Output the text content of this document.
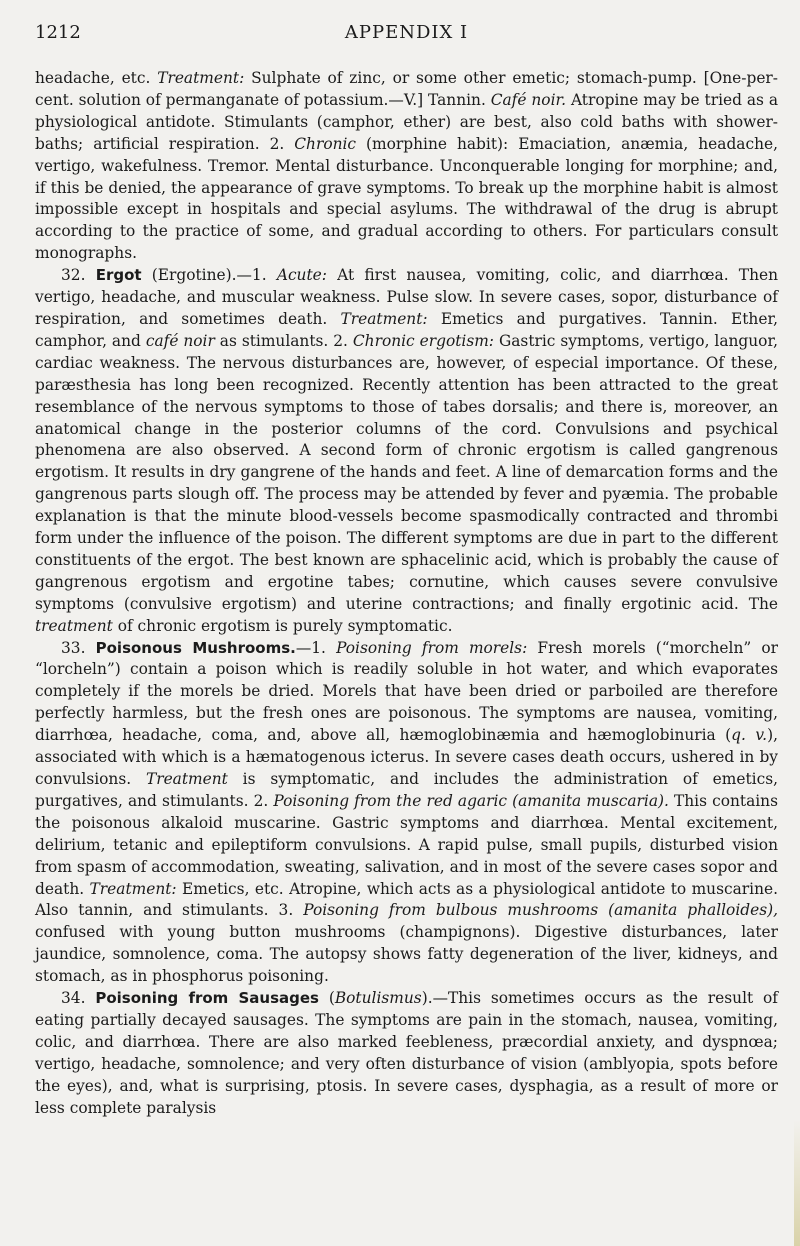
1212	APPENDIX I

headache, etc. Treatment: Sulphate of zinc, or some other emetic; stomach-pump. [One-per-cent. solution of permanganate of potassium.—V.] Tannin. Café noir. Atropine may be tried as a physiological antidote. Stimulants (camphor, ether) are best, also cold baths with shower-baths; artificial respiration. 2. Chronic (morphine habit): Emaciation, anæmia, headache, vertigo, wakefulness. Tremor. Mental disturbance. Unconquerable longing for morphine; and, if this be denied, the appearance of grave symptoms. To break up the morphine habit is almost impossible except in hospitals and special asylums. The withdrawal of the drug is abrupt according to the practice of some, and gradual according to others. For particulars consult monographs.

32. Ergot (Ergotine).—1. Acute: At first nausea, vomiting, colic, and diarrhœa. Then vertigo, headache, and muscular weakness. Pulse slow. In severe cases, sopor, disturbance of respiration, and sometimes death. Treatment: Emetics and purgatives. Tannin. Ether, camphor, and café noir as stimulants. 2. Chronic ergotism: Gastric symptoms, vertigo, languor, cardiac weakness. The nervous disturbances are, however, of especial importance. Of these, paræsthesia has long been recognized. Recently attention has been attracted to the great resemblance of the nervous symptoms to those of tabes dorsalis; and there is, moreover, an anatomical change in the posterior columns of the cord. Convulsions and psychical phenomena are also observed. A second form of chronic ergotism is called gangrenous ergotism. It results in dry gangrene of the hands and feet. A line of demarcation forms and the gangrenous parts slough off. The process may be attended by fever and pyæmia. The probable explanation is that the minute blood-vessels become spasmodically contracted and thrombi form under the influence of the poison. The different symptoms are due in part to the different constituents of the ergot. The best known are sphacelinic acid, which is probably the cause of gangrenous ergotism and ergotine tabes; cornutine, which causes severe convulsive symptoms (convulsive ergotism) and uterine contractions; and finally ergotinic acid. The treatment of chronic ergotism is purely symptomatic.

33. Poisonous Mushrooms.—1. Poisoning from morels: Fresh morels (“morcheln” or “lorcheln”) contain a poison which is readily soluble in hot water, and which evaporates completely if the morels be dried. Morels that have been dried or parboiled are therefore perfectly harmless, but the fresh ones are poisonous. The symptoms are nausea, vomiting, diarrhœa, headache, coma, and, above all, hæmoglobinæmia and hæmoglobinuria (q. v.), associated with which is a hæmatogenous icterus. In severe cases death occurs, ushered in by convulsions. Treatment is symptomatic, and includes the administration of emetics, purgatives, and stimulants. 2. Poisoning from the red agaric (amanita muscaria). This contains the poisonous alkaloid muscarine. Gastric symptoms and diarrhœa. Mental excitement, delirium, tetanic and epileptiform convulsions. A rapid pulse, small pupils, disturbed vision from spasm of accommodation, sweating, salivation, and in most of the severe cases sopor and death. Treatment: Emetics, etc. Atropine, which acts as a physiological antidote to muscarine. Also tannin, and stimulants. 3. Poisoning from bulbous mushrooms (amanita phalloides), confused with young button mushrooms (champignons). Digestive disturbances, later jaundice, somnolence, coma. The autopsy shows fatty degeneration of the liver, kidneys, and stomach, as in phosphorus poisoning.

34. Poisoning from Sausages (Botulismus).—This sometimes occurs as the result of eating partially decayed sausages. The symptoms are pain in the stomach, nausea, vomiting, colic, and diarrhœa. There are also marked feebleness, præcordial anxiety, and dyspnœa; vertigo, headache, somnolence; and very often disturbance of vision (amblyopia, spots before the eyes), and, what is surprising, ptosis. In severe cases, dysphagia, as a result of more or less complete paralysis
